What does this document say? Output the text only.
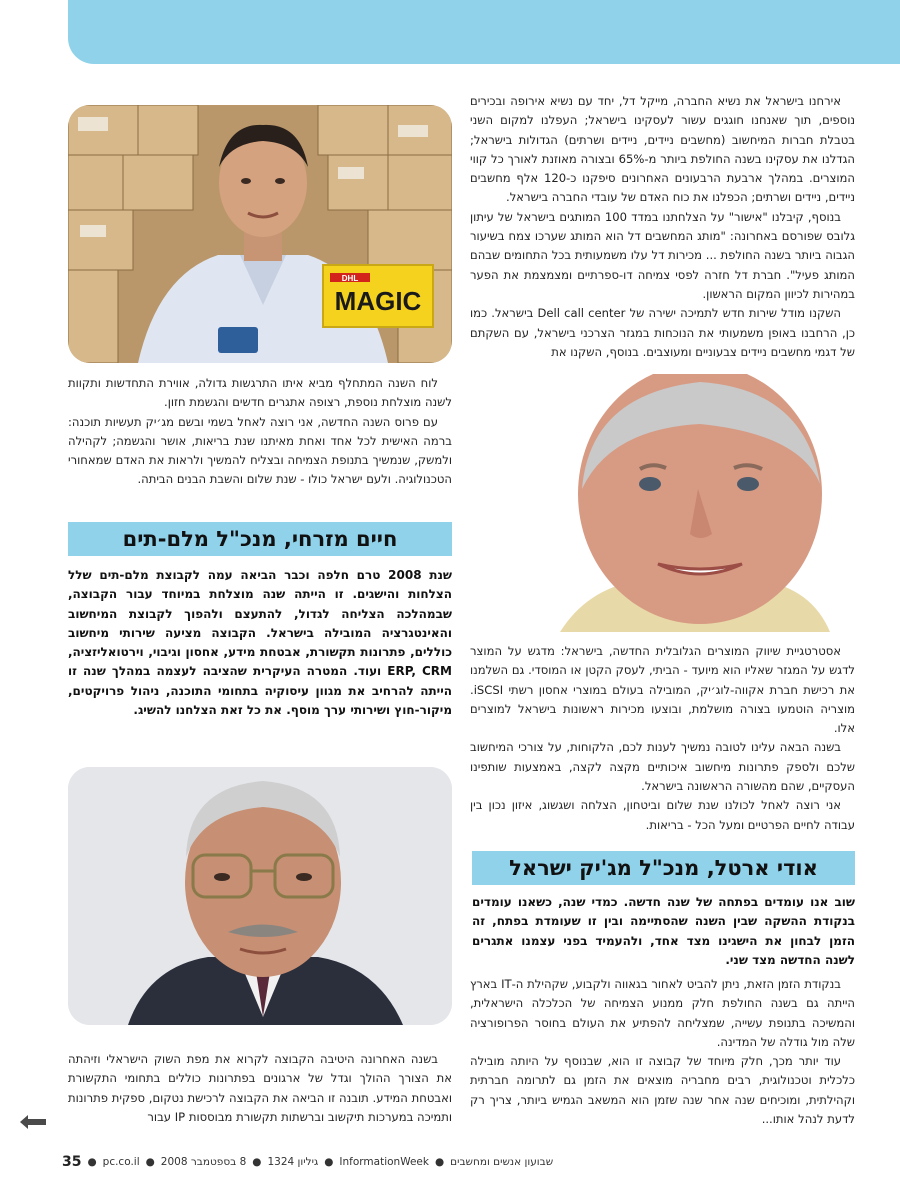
אירחנו בישראל את נשיא החברה, מייקל דל, יחד עם נשיא אירופה ובכירים נוספים, תוך שאנחנו חוגגים עשור לעסקינו בישראל; העפלנו למקום השני בטבלת חברות המיחשוב (מחשבים ניידים, ניידים ושרתים) הגדולות בישראל; הגדלנו את עסקינו בשנה החולפת ביותר מ-65% ובצורה מאוזנת לאורך כל קווי המוצרים. במהלך ארבעת הרבעונים האחרונים סיפקנו כ-120 אלף מחשבים ניידים, ניידים ושרתים; הכפלנו את כוח האדם של עובדי החברה בישראל.

בנוסף, קיבלנו "אישור" על הצלחתנו במדד 100 המותגים בישראל של עיתון גלובס שפורסם באחרונה: "מותג המחשבים דל הוא המותג שערכו צמח בשיעור הגבוה ביותר בשנה החולפת ... מכירות דל עלו משמעותית בכל התחומים שבהם המותג פעיל". חברת דל חזרה לפסי צמיחה דו-ספרתיים ומצמצמת את הפער במהירות לכיוון המקום הראשון.

השקנו מודל שירות חדש לתמיכה ישירה של Dell call center בישראל. כמו כן, הרחבנו באופן משמעותי את הנוכחות במגזר הצרכני בישראל, עם השקתם של דגמי מחשבים ניידים צבעוניים ומעוצבים. בנוסף, השקנו את

DHL
MAGIC

לוח השנה המתחלף מביא איתו התרגשות גדולה, אווירת התחדשות ותקוות לשנה מוצלחת נוספת, רצופה אתגרים חדשים והגשמת חזון.

עם פרוס השנה החדשה, אני רוצה לאחל בשמי ובשם מג׳יק תעשיות תוכנה: ברמה האישית לכל אחד ואחת מאיתנו שנת בריאות, אושר והגשמה; לקהילה ולמשק, שנמשיך בתנופת הצמיחה ובצליח להמשיך ולראות את האדם שמאחורי הטכנולוגיה. ולעם ישראל כולו - שנת שלום והשבת הבנים הביתה.

חיים מזרחי, מנכ"ל מלם-תים
שנת 2008 טרם חלפה וכבר הביאה עמה לקבוצת מלם-תים שלל הצלחות והישגים. זו הייתה שנה מוצלחת במיוחד עבור הקבוצה, שבמהלכה הצליחה לגדול, להתעצם ולהפוך לקבוצת המיחשוב והאינטגרציה המובילה בישראל. הקבוצה מציעה שירותי מיחשוב כוללים, פתרונות תקשורת, אבטחת מידע, אחסון וגיבוי, וירטואליזציה, ERP, CRM ועוד. המטרה העיקרית שהציבה לעצמה במהלך שנה זו הייתה להרחיב את מגוון עיסוקיה בתחומי התוכנה, ניהול פרויקטים, מיקור-חוץ ושירותי ערך מוסף. את כל זאת הצלחנו להשיג.

בשנה האחרונה היטיבה הקבוצה לקרוא את מפת השוק הישראלי וזיהתה את הצורך ההולך וגדל של ארגונים בפתרונות כוללים בתחומי התקשורת ואבטחת המידע. תובנה זו הביאה את הקבוצה לרכישת נטקום, ספקית פתרונות ותמיכה במערכות תיקשוב וברשתות תקשורת מבוססות IP עבור

אסטרטגיית שיווק המוצרים הגלובלית החדשה, בישראל: מדגש על המוצר לדגש על המגזר שאליו הוא מיועד - הביתי, לעסק הקטן או המוסדי. גם השלמנו את רכישת חברת אקווה-לוג׳יק, המובילה בעולם במוצרי אחסון רשתי iSCSI. מוצריה הוטמעו בצורה מושלמת, ובוצעו מכירות ראשונות בישראל למוצרים אלו.

בשנה הבאה עלינו לטובה נמשיך לענות לכם, הלקוחות, על צורכי המיחשוב שלכם ולספק פתרונות מיחשוב איכותיים מקצה לקצה, באמצעות שותפינו העסקיים, שהם מהשורה הראשונה בישראל.

אני רוצה לאחל לכולנו שנת שלום וביטחון, הצלחה ושגשוג, איזון נכון בין עבודה לחיים הפרטיים ומעל הכל - בריאות.

אודי ארטל, מנכ"ל מג'יק ישראל
שוב אנו עומדים בפתחה של שנה חדשה. כמדי שנה, כשאנו עומדים בנקודת ההשקה שבין השנה שהסתיימה ובין זו שעומדת בפתח, זה הזמן לבחון את הישגינו מצד אחד, ולהעמיד בפני עצמנו אתגרים לשנה החדשה מצד שני.

בנקודת הזמן הזאת, ניתן להביט לאחור בגאווה ולקבוע, שקהילת ה-IT בארץ הייתה גם בשנה החולפת חלק ממנוע הצמיחה של הכלכלה הישראלית, והמשיכה בתנופת עשייה, שמצליחה להפתיע את העולם בחוסר הפרופורציה שלה מול גודלה של המדינה.

עוד יותר מכך, חלק מיוחד של קבוצה זו הוא, שבנוסף על היותה מובילה כלכלית וטכנולוגית, רבים מחבריה מוצאים את הזמן גם לתרומה חברתית וקהילתית, ומוכיחים שנה אחר שנה שזמן הוא המשאב הגמיש ביותר, צריך רק לדעת לנהל אותו...

שבועון אנשים ומחשבים
●
InformationWeek
●
גיליון 1324
●
8 בספטמבר 2008
●
pc.co.il
●
35
